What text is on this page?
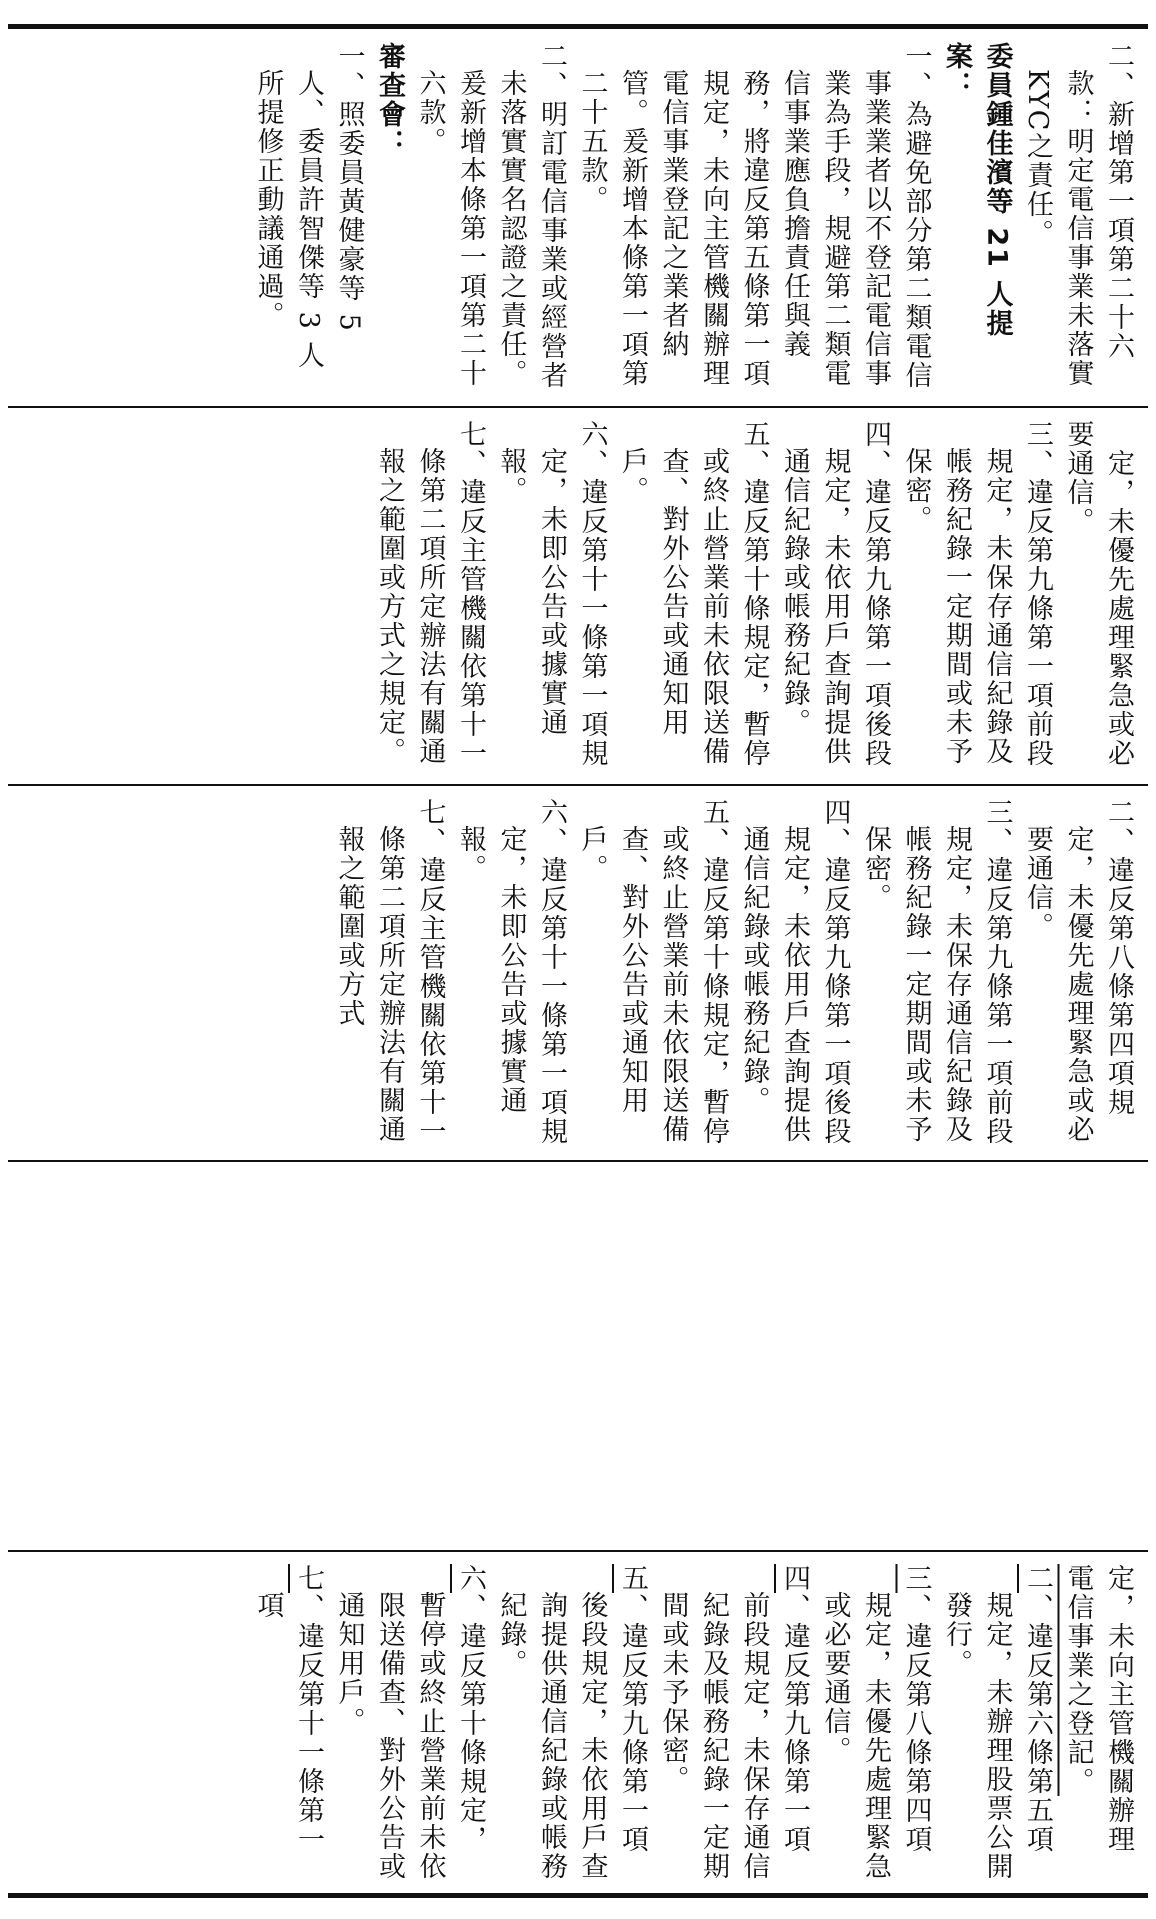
二、新增第一項第二十六款：明定電信事業未落實KYC之責任。

委員鍾佳濱等 21 人提案：

一、為避免部分第二類電信事業業者以不登記電信事業為手段，規避第二類電信事業應負擔責任與義務，將違反第五條第一項規定，未向主管機關辦理電信事業登記之業者納管。爰新增本條第一項第二十五款。

二、明訂電信事業或經營者未落實實名認證之責任。爰新增本條第一項第二十六款。

審查會：

一、照委員黃健豪等 5 人、委員許智傑等 3 人所提修正動議通過。

　定，未優先處理緊急或必要通信。

三、違反第九條第一項前段規定，未保存通信紀錄及帳務紀錄一定期間或未予保密。

四、違反第九條第一項後段規定，未依用戶查詢提供通信紀錄或帳務紀錄。

五、違反第十條規定，暫停或終止營業前未依限送備查、對外公告或通知用戶。

六、違反第十一條第一項規定，未即公告或據實通報。

七、違反主管機關依第十一條第二項所定辦法有關通報之範圍或方式之規定。

二、違反第八條第四項規定，未優先處理緊急或必要通信。

三、違反第九條第一項前段規定，未保存通信紀錄及帳務紀錄一定期間或未予保密。

四、違反第九條第一項後段規定，未依用戶查詢提供通信紀錄或帳務紀錄。

五、違反第十條規定，暫停或終止營業前未依限送備查、對外公告或通知用戶。

六、違反第十一條第一項規定，未即公告或據實通報。

七、違反主管機關依第十一條第二項所定辦法有關通報之範圍或方式

定，未向主管機關辦理電信事業之登記。

二、違反第六條第五項規定，未辦理股票公開發行。

三、違反第八條第四項規定，未優先處理緊急或必要通信。

四、違反第九條第一項前段規定，未保存通信紀錄及帳務紀錄一定期間或未予保密。

五、違反第九條第一項後段規定，未依用戶查詢提供通信紀錄或帳務紀錄。

六、違反第十條規定，暫停或終止營業前未依限送備查、對外公告或通知用戶。

七、違反第十一條第一項
